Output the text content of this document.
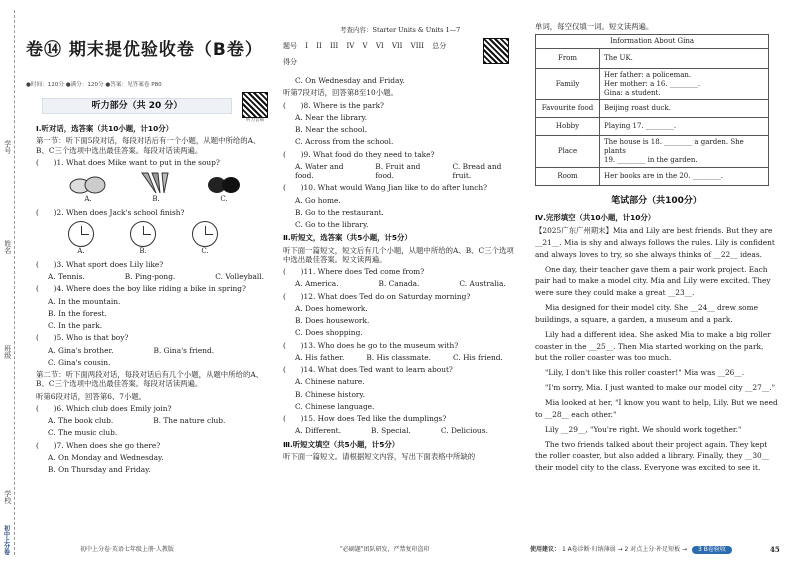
学号
姓名
班级
学校
初中上分卷
卷⑭ 期末提优验收卷（B卷）
●时间：120分 ●满分：120分 ●答案：见答案卷 P80
听力音频
听力部分（共 20 分）
Ⅰ.听对话，选答案（共10小题，计10分）
第一节：听下面5段对话，每段对话后有一个小题，从题中所给的A、B、C三个选项中选出最佳答案。每段对话读两遍。
(　　)1. What does Mike want to put in the soup?
A.	B.	C.
(　　)2. When does Jack's school finish?
A.	B.	C.
(　　)3. What sport does Lily like?
A. Tennis.	B. Ping-pong.	C. Volleyball.
(　　)4. Where does the boy like riding a bike in spring?
A. In the mountain.
B. In the forest.
C. In the park.
(　　)5. Who is that boy?
A. Gina's brother.	B. Gina's friend.
C. Gina's cousin.
第二节：听下面两段对话，每段对话后有几个小题，从题中所给的A、B、C三个选项中选出最佳答案。每段对话读两遍。
听第6段对话，回答第6、7小题。
(　　)6. Which club does Emily join?
A. The book club.	B. The nature club.
C. The music club.
(　　)7. When does she go there?
A. On Monday and Wednesday.
B. On Thursday and Friday.
考查内容：Starter Units & Units 1—7
题号 I II III IV V VI VII VIII 总分
得分
C. On Wednesday and Friday.
听第7段对话，回答第8至10小题。
(　　)8. Where is the park?
A. Near the library.
B. Near the school.
C. Across from the school.
(　　)9. What food do they need to take?
A. Water and food.
B. Fruit and food.
C. Bread and fruit.
(　　)10. What would Wang Jian like to do after lunch?
A. Go home.
B. Go to the restaurant.
C. Go to the library.
Ⅱ.听短文，选答案（共5小题，计5分）
听下面一篇短文，短文后有几个小题，从题中所给的A、B、C三个选项中选出最佳答案。短文读两遍。
(　　)11. Where does Ted come from?
A. America.	B. Canada.	C. Australia.
(　　)12. What does Ted do on Saturday morning?
A. Does homework.
B. Does housework.
C. Does shopping.
(　　)13. Who does he go to the museum with?
A. His father.	B. His classmate.	C. His friend.
(　　)14. What does Ted want to learn about?
A. Chinese nature.
B. Chinese history.
C. Chinese language.
(　　)15. How does Ted like the dumplings?
A. Different.	B. Special.	C. Delicious.
Ⅲ.听短文填空（共5小题，计5分）
听下面一篇短文。请根据短文内容，写出下面表格中所缺的
单词，每空仅填一词。短文读两遍。
Information About Gina	
From	The UK.
Family	Her father: a policeman.
Her mother: a 16. ________.
Gina: a student.

Favourite food	Beijing roast duck.
Hobby	Playing 17. ________.
Place	The house is 18. ________ a garden. She plants
19. ________ in the garden.

Room	Her books are in the 20. ________.
笔试部分（共100分）
Ⅳ.完形填空（共10小题，计10分）
【2025广东广州期末】Mia and Lily are best friends. But they are __21__. Mia is shy and always follows the rules. Lily is confident and always loves to try, so she always thinks of __22__ ideas.
One day, their teacher gave them a pair work project. Each pair had to make a model city. Mia and Lily were excited. They were sure they could make a great __23__.
Mia designed for their model city. She __24__ drew some buildings, a square, a garden, a museum and a park.
Lily had a different idea. She asked Mia to make a big roller coaster in the __25__. Then Mia started working on the park, but the roller coaster was too much.
"Lily, I don't like this roller coaster!" Mia was __26__.
"I'm sorry, Mia. I just wanted to make our model city __27__."
Mia looked at her, "I know you want to help, Lily. But we need to __28__ each other."
Lily __29__, "You're right. We should work together."
The two friends talked about their project again. They kept the roller coaster, but also added a library. Finally, they __30__ their model city to the class. Everyone was excited to see it.
初中上分卷·英语七年级上册·人教版	"必刷题"团队研发，严禁复印盗印	使用建议： 1 A卷诊断·归纳薄弱 → 2 对点上分·补足短板 → 3 B卷验收	45
